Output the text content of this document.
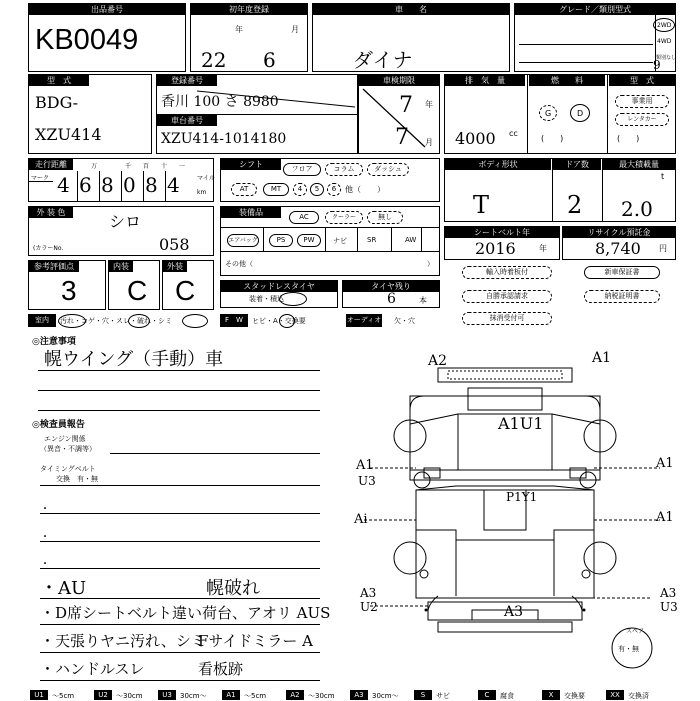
出品番号
KB0049
初年度登録
年	月
22 6
車　　名
ダイナ
グレード／類別型式
2WD
4WD
類別なし
9
型　式
BDG-
XZU414
登録番号
香川 100 さ 8980
車台番号
XZU414-1014180
車検期限
7 年
7 月
排　気　量	燃　　料	型　式
4000 cc
G	D
(　　)
事業用
レンタカー
(　　)
走行距離
マーク
万	千 百 十 一
マイル
km
4 6 8 0 8 4
シフト	フロア	コラム	ダッシュ
AT	MT	4	5	6	他（　　）
ボディ形状	ドア数	最大積載量
T	2
t
2.0
外 装 色	シロ
(カラーNo.	058
装備品	AC	クーラー	無し
エアバッグ	PS	PW	ナビ	SR	AW
その他（	）
シートベルト年
2016	年
リサイクル預託金
8,740 円
参考評価点
3
内装
C
外装
C	スタッドレスタイヤ
装着・積込
タイヤ残り
6	本
輸入時着板付	新車保証書
自勝承認請求	納税証明書
抹消受付可
室内	汚れ・コゲ・穴・スレ・破れ・シミ	F　W	ヒビ・A・交換要	オーディオ 欠・穴
◎注意事項
幌ウイング（手動）車
◎検査員報告
エンジン関係
（異音・不調等）
タイミングベルト
交換　有・無
・
・
・
・AU	幌破れ
・D席シートベルト違い 荷台、アオリ AUS
・天張りヤニ汚れ、シミ
Fサイドミラー A
・ハンドルスレ	看板跡
A2	A1
A1U1
P1Y1
A1
U3
Ai
A1
A1
A3
U2	A3
A3
U3
スペア
有・無
U1	～5cm	U2	～30cm	U3	30cm～	A1	～5cm	A2	～30cm	A3	30cm～	S	サビ	C	腐食	X	交換要	XX	交換済
